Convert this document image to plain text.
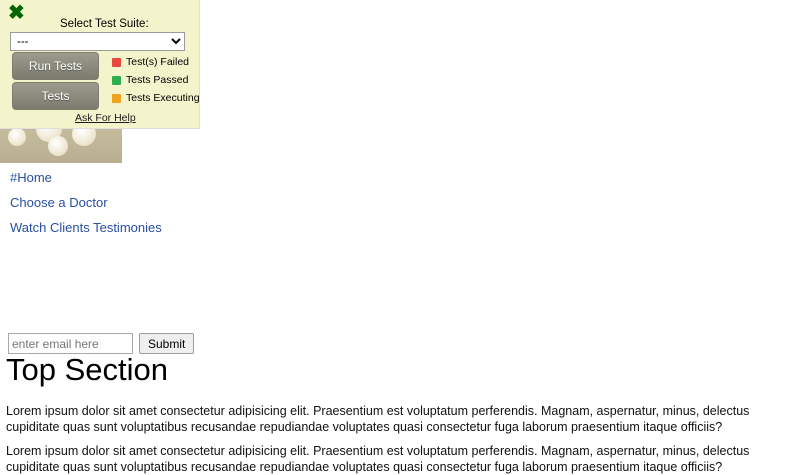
#Home
Choose a Doctor
Watch Clients Testimonies
enter email here
Submit
Top Section

Lorem ipsum dolor sit amet consectetur adipisicing elit. Praesentium est voluptatum perferendis. Magnam, aspernatur, minus, delectus cupiditate quas sunt voluptatibus recusandae repudiandae voluptates quasi consectetur fuga laborum praesentium itaque officiis?

Lorem ipsum dolor sit amet consectetur adipisicing elit. Praesentium est voluptatum perferendis. Magnam, aspernatur, minus, delectus cupiditate quas sunt voluptatibus recusandae repudiandae voluptates quasi consectetur fuga laborum praesentium itaque officiis?

✖	Select Test Suite:
---
Run Tests
Tests
Test(s) Failed
Tests Passed
Tests Executing
Ask For Help
